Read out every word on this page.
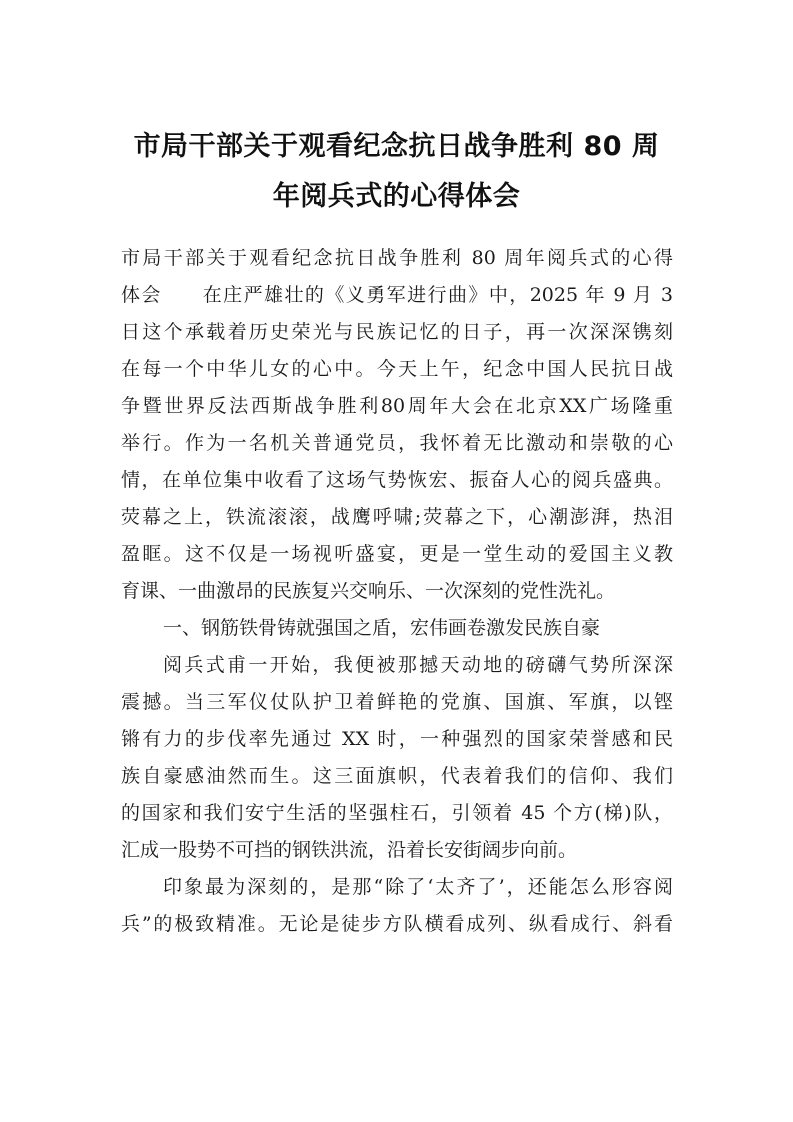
市局干部关于观看纪念抗日战争胜利 80 周
年阅兵式的心得体会
市局干部关于观看纪念抗日战争胜利 80 周年阅兵式的心得
体会　　在庄严雄壮的《义勇军进行曲》中，2025 年 9 月 3
日这个承载着历史荣光与民族记忆的日子，再一次深深镌刻
在每一个中华儿女的心中。今天上午，纪念中国人民抗日战
争暨世界反法西斯战争胜利80周年大会在北京XX广场隆重
举行。作为一名机关普通党员，我怀着无比激动和崇敬的心
情，在单位集中收看了这场气势恢宏、振奋人心的阅兵盛典。
荧幕之上，铁流滚滚，战鹰呼啸;荧幕之下，心潮澎湃，热泪
盈眶。这不仅是一场视听盛宴，更是一堂生动的爱国主义教
育课、一曲激昂的民族复兴交响乐、一次深刻的党性洗礼。
一、钢筋铁骨铸就强国之盾，宏伟画卷激发民族自豪
阅兵式甫一开始，我便被那撼天动地的磅礴气势所深深
震撼。当三军仪仗队护卫着鲜艳的党旗、国旗、军旗，以铿
锵有力的步伐率先通过 XX 时，一种强烈的国家荣誉感和民
族自豪感油然而生。这三面旗帜，代表着我们的信仰、我们
的国家和我们安宁生活的坚强柱石，引领着 45 个方(梯)队，
汇成一股势不可挡的钢铁洪流，沿着长安街阔步向前。
印象最为深刻的，是那“除了‘太齐了’，还能怎么形容阅
兵”的极致精准。无论是徒步方队横看成列、纵看成行、斜看
